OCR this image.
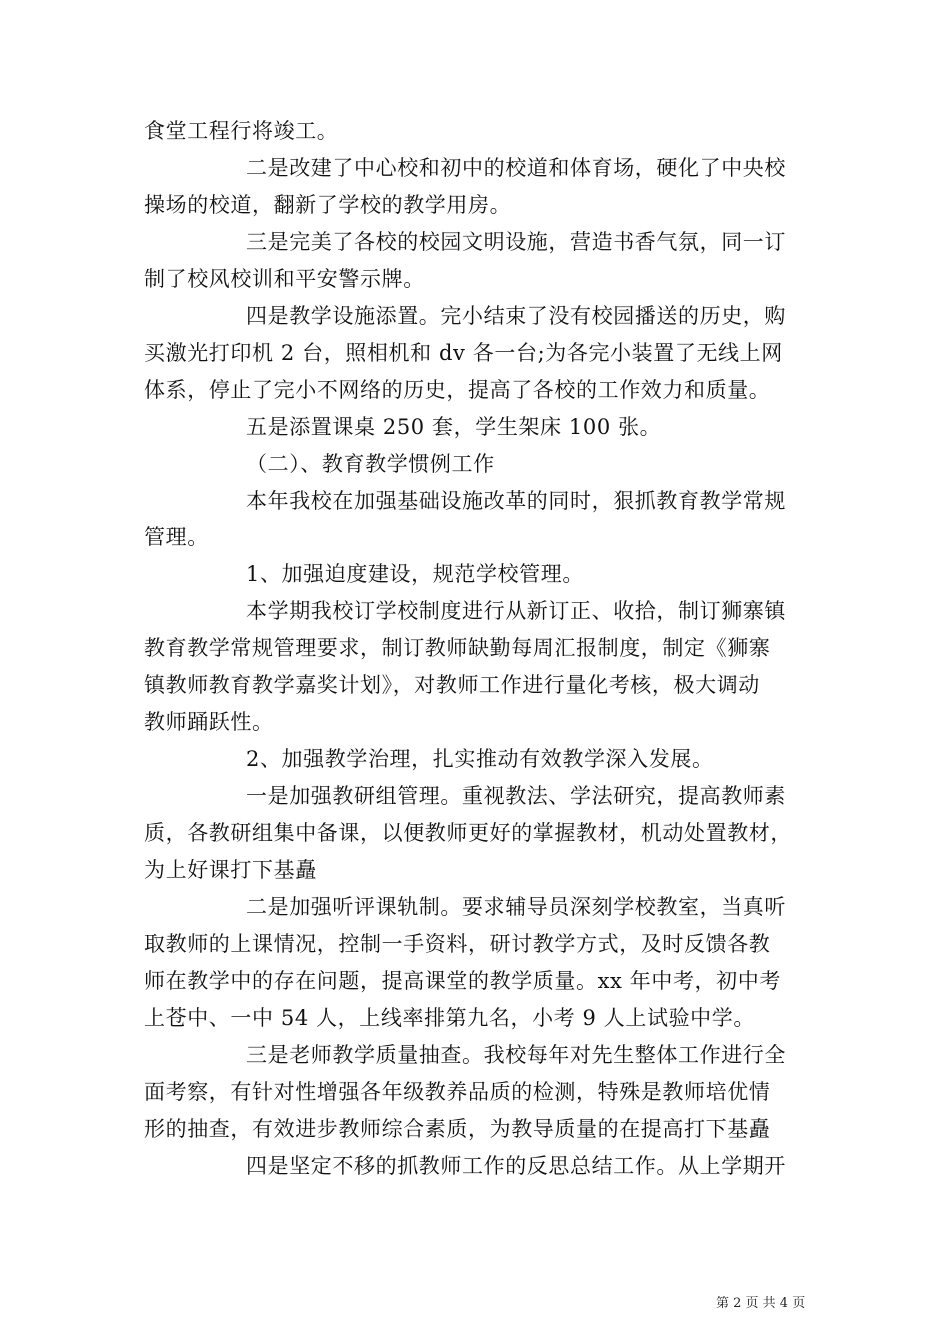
食堂工程行将竣工。
二是改建了中心校和初中的校道和体育场，硬化了中央校
操场的校道，翻新了学校的教学用房。
三是完美了各校的校园文明设施，营造书香气氛，同一订
制了校风校训和平安警示牌。
四是教学设施添置。完小结束了没有校园播送的历史，购
买激光打印机 2 台，照相机和 dv 各一台;为各完小装置了无线上网
体系，停止了完小不网络的历史，提高了各校的工作效力和质量。
五是添置课桌 250 套，学生架床 100 张。
（二）、教育教学惯例工作
本年我校在加强基础设施改革的同时，狠抓教育教学常规
管理。
1、加强迫度建设，规范学校管理。
本学期我校订学校制度进行从新订正、收拾，制订狮寨镇
教育教学常规管理要求，制订教师缺勤每周汇报制度，制定《狮寨
镇教师教育教学嘉奖计划》，对教师工作进行量化考核，极大调动
教师踊跃性。
2、加强教学治理，扎实推动有效教学深入发展。
一是加强教研组管理。重视教法、学法研究，提高教师素
质，各教研组集中备课，以便教师更好的掌握教材，机动处置教材，
为上好课打下基矗
二是加强听评课轨制。要求辅导员深刻学校教室，当真听
取教师的上课情况，控制一手资料，研讨教学方式，及时反馈各教
师在教学中的存在问题，提高课堂的教学质量。xx 年中考，初中考
上苍中、一中 54 人，上线率排第九名，小考 9 人上试验中学。
三是老师教学质量抽查。我校每年对先生整体工作进行全
面考察，有针对性增强各年级教养品质的检测，特殊是教师培优情
形的抽查，有效进步教师综合素质，为教导质量的在提高打下基矗
四是坚定不移的抓教师工作的反思总结工作。从上学期开
第 2 页 共 4 页
